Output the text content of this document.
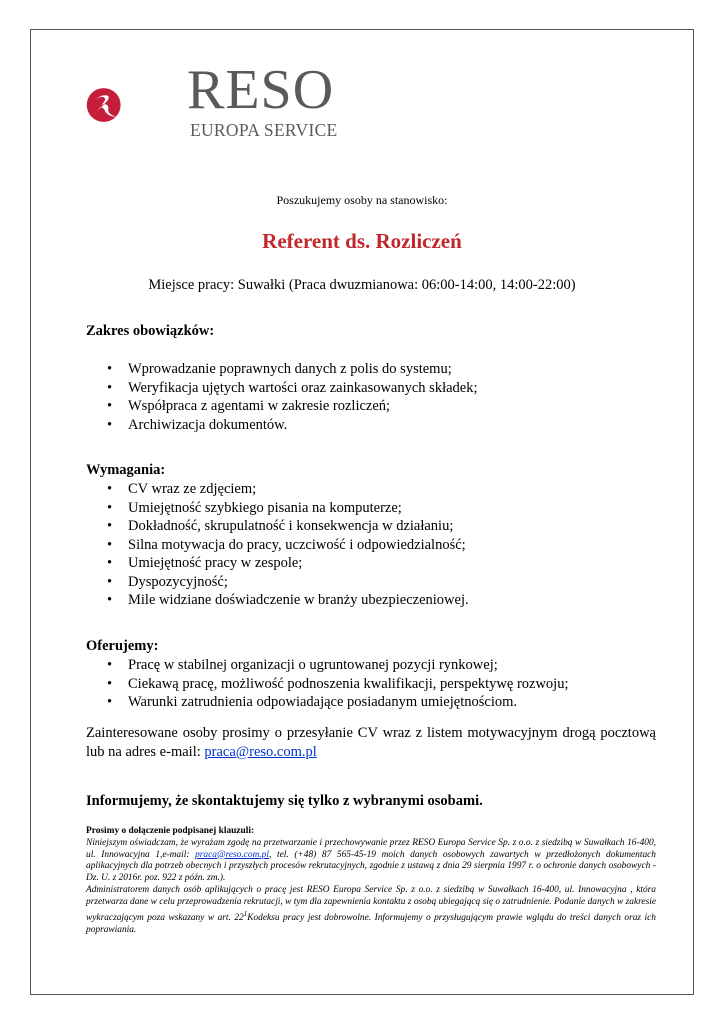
RESO
EUROPA SERVICE
Poszukujemy osoby na stanowisko:
Referent ds. Rozliczeń
Miejsce pracy: Suwałki (Praca dwuzmianowa: 06:00-14:00, 14:00-22:00)
Zakres obowiązków:
• Wprowadzanie poprawnych danych z polis do systemu;
• Weryfikacja ujętych wartości oraz zainkasowanych składek;
• Współpraca z agentami w zakresie rozliczeń;
• Archiwizacja dokumentów.
Wymagania:
• CV wraz ze zdjęciem;
• Umiejętność szybkiego pisania na komputerze;
• Dokładność, skrupulatność i konsekwencja w działaniu;
• Silna motywacja do pracy, uczciwość i odpowiedzialność;
• Umiejętność pracy w zespole;
• Dyspozycyjność;
• Mile widziane doświadczenie w branży ubezpieczeniowej.
Oferujemy:
• Pracę w stabilnej organizacji o ugruntowanej pozycji rynkowej;
• Ciekawą pracę, możliwość podnoszenia kwalifikacji, perspektywę rozwoju;
• Warunki zatrudnienia odpowiadające posiadanym umiejętnościom.
Zainteresowane osoby prosimy o przesyłanie CV wraz z listem motywacyjnym drogą pocztową lub na adres e-mail: praca@reso.com.pl
Informujemy, że skontaktujemy się tylko z wybranymi osobami.
Prosimy o dołączenie podpisanej klauzuli:
Niniejszym oświadczam, że wyrażam zgodę na przetwarzanie i przechowywanie przez RESO Europa Service Sp. z o.o. z siedzibą w Suwałkach 16-400, ul. Innowacyjna 1,e-mail: praca@reso.com.pl, tel. (+48) 87 565-45-19 moich danych osobowych zawartych w przedłożonych dokumentach aplikacyjnych dla potrzeb obecnych i przyszłych procesów rekrutacyjnych, zgodnie z ustawą z dnia 29 sierpnia 1997 r. o ochronie danych osobowych - Dz. U. z 2016r. poz. 922 z późn. zm.).
Administratorem danych osób aplikujących o pracę jest RESO Europa Service Sp. z o.o. z siedzibą w Suwałkach 16-400, ul. Innowacyjna , która przetwarza dane w celu przeprowadzenia rekrutacji, w tym dla zapewnienia kontaktu z osobą ubiegającą się o zatrudnienie. Podanie danych w zakresie wykraczającym poza wskazany w art. $22^1Kodeksu$ pracy jest dobrowolne. Informujemy o przysługującym prawie wglądu do treści danych oraz ich poprawiania.
